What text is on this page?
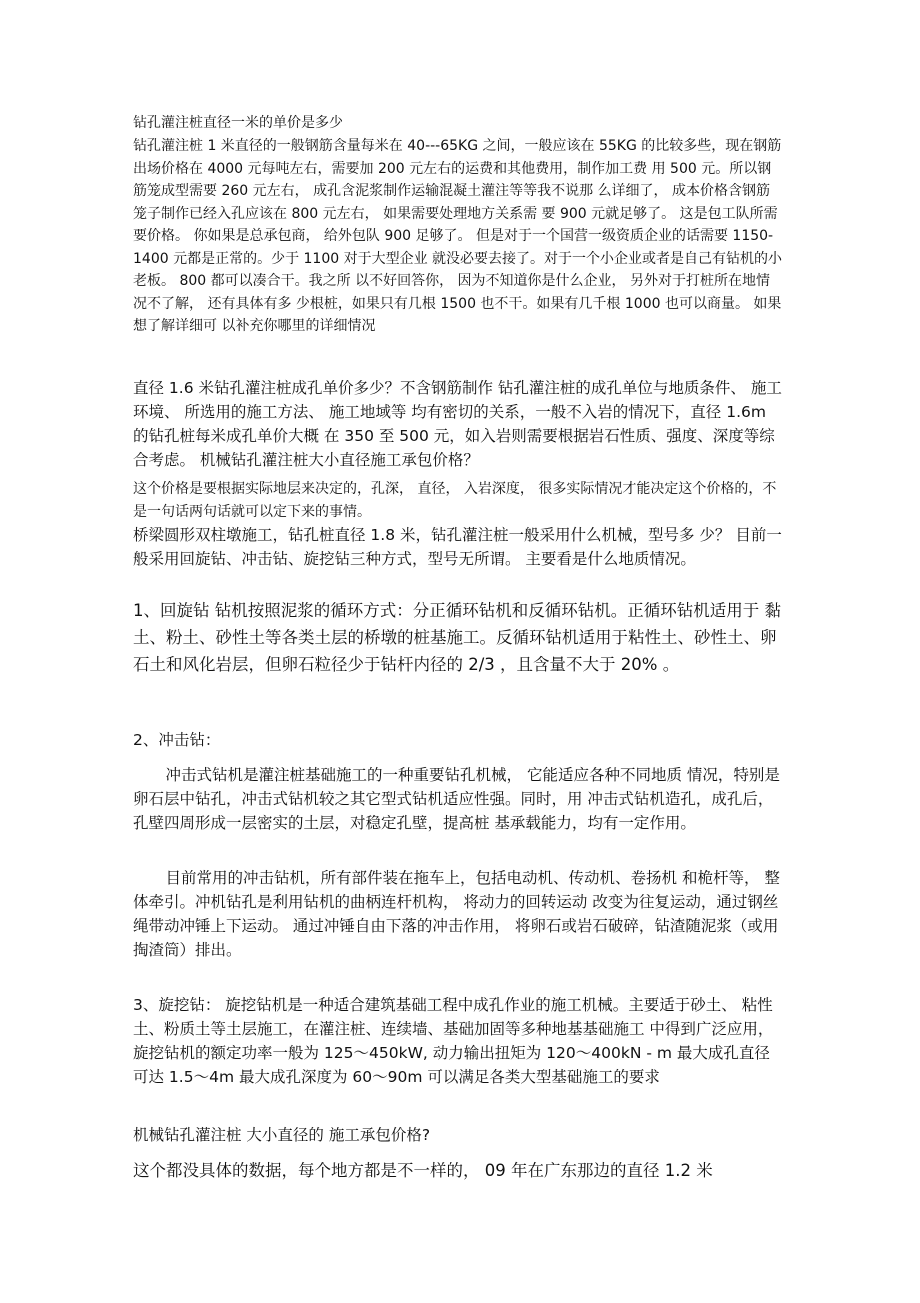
钻孔灌注桩直径一米的单价是多少

钻孔灌注桩 1 米直径的一般钢筋含量每米在 40---65KG 之间，一般应该在 55KG 的比较多些，现在钢筋出场价格在 4000 元每吨左右，需要加 200 元左右的运费和其他费用，制作加工费 用 500 元。所以钢筋笼成型需要 260 元左右， 成孔含泥浆制作运输混凝土灌注等等我不说那 么详细了， 成本价格含钢筋笼子制作已经入孔应该在 800 元左右， 如果需要处理地方关系需 要 900 元就足够了。 这是包工队所需要价格。 你如果是总承包商， 给外包队 900 足够了。 但是对于一个国营一级资质企业的话需要 1150-1400 元都是正常的。少于 1100 对于大型企业 就没必要去接了。对于一个小企业或者是自己有钻机的小老板。 800 都可以凑合干。我之所 以不好回答你， 因为不知道你是什么企业， 另外对于打桩所在地情况不了解， 还有具体有多 少根桩，如果只有几根 1500 也不干。如果有几千根 1000 也可以商量。 如果想了解详细可 以补充你哪里的详细情况

直径 1.6 米钻孔灌注桩成孔单价多少？不含钢筋制作 钻孔灌注桩的成孔单位与地质条件、 施工环境、 所选用的施工方法、 施工地域等 均有密切的关系，一般不入岩的情况下，直径 1.6m 的钻孔桩每米成孔单价大概 在 350 至 500 元，如入岩则需要根据岩石性质、强度、深度等综合考虑。 机械钻孔灌注桩大小直径施工承包价格？

这个价格是要根据实际地层来决定的，孔深， 直径， 入岩深度， 很多实际情况才能决定这个价格的，不是一句话两句话就可以定下来的事情。

桥梁圆形双柱墩施工，钻孔桩直径 1.8 米，钻孔灌注桩一般采用什么机械，型号多 少？ 目前一般采用回旋钻、冲击钻、旋挖钻三种方式，型号无所谓。 主要看是什么地质情况。

1、回旋钻 钻机按照泥浆的循环方式：分正循环钻机和反循环钻机。正循环钻机适用于 黏土、粉土、砂性土等各类土层的桥墩的桩基施工。反循环钻机适用于粘性土、砂性土、卵石土和风化岩层，但卵石粒径少于钻杆内径的 2/3 ，且含量不大于 20% 。

2、冲击钻：

冲击式钻机是灌注桩基础施工的一种重要钻孔机械， 它能适应各种不同地质 情况，特别是卵石层中钻孔，冲击式钻机较之其它型式钻机适应性强。同时，用 冲击式钻机造孔，成孔后，孔壁四周形成一层密实的土层，对稳定孔壁，提高桩 基承载能力，均有一定作用。

目前常用的冲击钻机，所有部件装在拖车上，包括电动机、传动机、卷扬机 和桅杆等， 整体牵引。冲机钻孔是利用钻机的曲柄连杆机构， 将动力的回转运动 改变为往复运动，通过钢丝绳带动冲锤上下运动。 通过冲锤自由下落的冲击作用， 将卵石或岩石破碎，钻渣随泥浆（或用掏渣筒）排出。

3、旋挖钻： 旋挖钻机是一种适合建筑基础工程中成孔作业的施工机械。主要适于砂土、 粘性土、粉质土等土层施工，在灌注桩、连续墙、基础加固等多种地基基础施工 中得到广泛应用，旋挖钻机的额定功率一般为 125～450kW, 动力输出扭矩为 120～400kN - m 最大成孔直径可达 1.5～4m 最大成孔深度为 60～90m 可以满足各类大型基础施工的要求

机械钻孔灌注桩 大小直径的 施工承包价格?

这个都没具体的数据，每个地方都是不一样的， 09 年在广东那边的直径 1.2 米
